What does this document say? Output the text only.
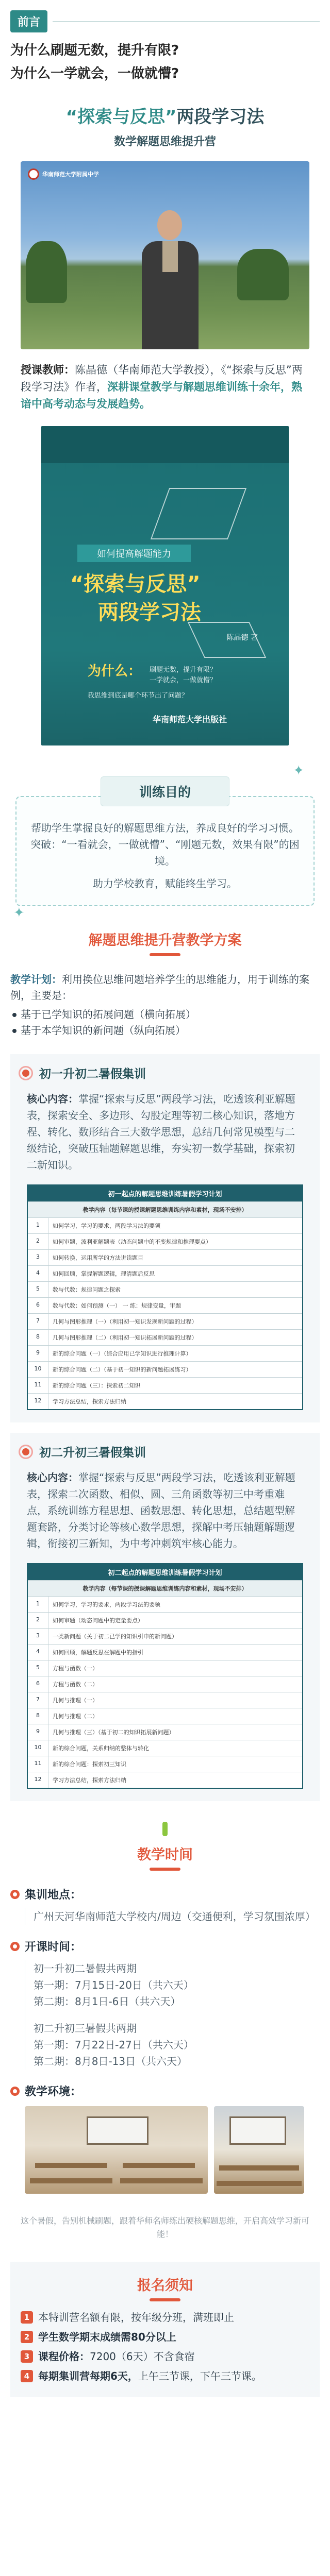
前言
为什么刷题无数，提升有限?
为什么一学就会，一做就懵?
“探索与反思”两段学习法
数学解题思维提升营
华南师范大学附属中学
授课教师：陈晶德（华南师范大学教授），《“探索与反思”两段学习法》作者，深耕课堂教学与解题思维训练十余年，熟谙中高考动态与发展趋势。
如何提高解题能力
“探索与反思”
两段学习法
陈晶德 著
为什么： 刷题无数，提升有限？
一学就会，一做就懵？
我思维到底是哪个环节出了问题？
华南师范大学出版社
✦
✦
训练目的

帮助学生掌握良好的解题思维方法，养成良好的学习习惯。突破：“一看就会，一做就懵”、“刚题无数，效果有限”的困境。

助力学校教育，赋能终生学习。

解题思维提升营教学方案
教学计划：利用换位思维问题培养学生的思维能力，用于训练的案例，主要是：
基于已学知识的拓展问题（横向拓展）
基于本学知识的新问题（纵向拓展）
初一升初二暑假集训
核心内容：掌握“探索与反思”两段学习法，吃透该利亚解题表，探索安全、多边形、勾股定理等初二核心知识，落地方程、转化、数形结合三大数学思想，总结几何常见模型与二级结论，突破压轴题解题思维，夯实初一数学基础，探索初二新知识。
初一起点的解题思维训练暑假学习计划
教学内容（每节课的授课解题思维训练内容和素材，现场不安排）
1	如何学习，学习的要求，两段学习法的要领
2	如何审题，波利亚解题表（动态问题中的不变规律和推理要点）
3	如何转换，运用所学的方法讲读题目
4	如何回顾，掌握解题逻辑，理清题后反思
5	数与代数：规律问题之探索
6	数与代数：如何预测（一） 一 练：规律变量，审题
7	几何与图形推理（一）（利用初一知识发现新问题的过程）
8	几何与图形推理（二）（利用初一知识拓展新问题的过程）
9	新的综合问题（一）（综合应用已学知识进行推理计算）
10	新的综合问题（二）（基于初一知识的新问题拓展练习）
11	新的综合问题（三）：探索初二知识
12	学习方法总结，探索方法归纳
初二升初三暑假集训
核心内容：掌握“探索与反思”两段学习法，吃透该利亚解题表，探索二次函数、相似、圆、三角函数等初三中考重难点，系统训练方程思想、函数思想、转化思想，总结题型解题套路，分类讨论等核心数学思想，探解中考压轴题解题逻辑，衔接初三新知，为中考冲刺筑牢核心能力。
初二起点的解题思维训练暑假学习计划
教学内容（每节课的授课解题思维训练内容和素材，现场不安排）
1	如何学习，学习的要求，两段学习法的要领
2	如何审题（动态问题中的定量要点）
3	一类新问题（关于初二已学的知识引申的新问题）
4	如何回顾，解题反思在解题中的指引
5	方程与函数（一）
6	方程与函数（二）
7	几何与推理（一）
8	几何与推理（二）
9	几何与推理（三）（基于初二的知识拓展新问题）
10	新的综合问题，关系归纳的整体与转化
11	新的综合问题：探索初三知识
12	学习方法总结，探索方法归纳
教学时间
集训地点：
广州天河华南师范大学校内/周边（交通便利，学习氛围浓厚）
开课时间：
初一升初二暑假共两期
第一期：7月15日-20日（共六天）
第二期：8月1日-6日（共六天）
初二升初三暑假共两期
第一期：7月22日-27日（共六天）
第二期：8月8日-13日（共六天）
教学环境：
这个暑假，告别机械刷题，跟着华师名师练出硬核解题思维，开启高效学习新可能！
报名须知
1 本特训营名额有限，按年级分班，满班即止
2 学生数学期末成绩需80分以上
3 课程价格：7200（6天）不含食宿
4 每期集训营每期6天，上午三节课，下午三节课。
